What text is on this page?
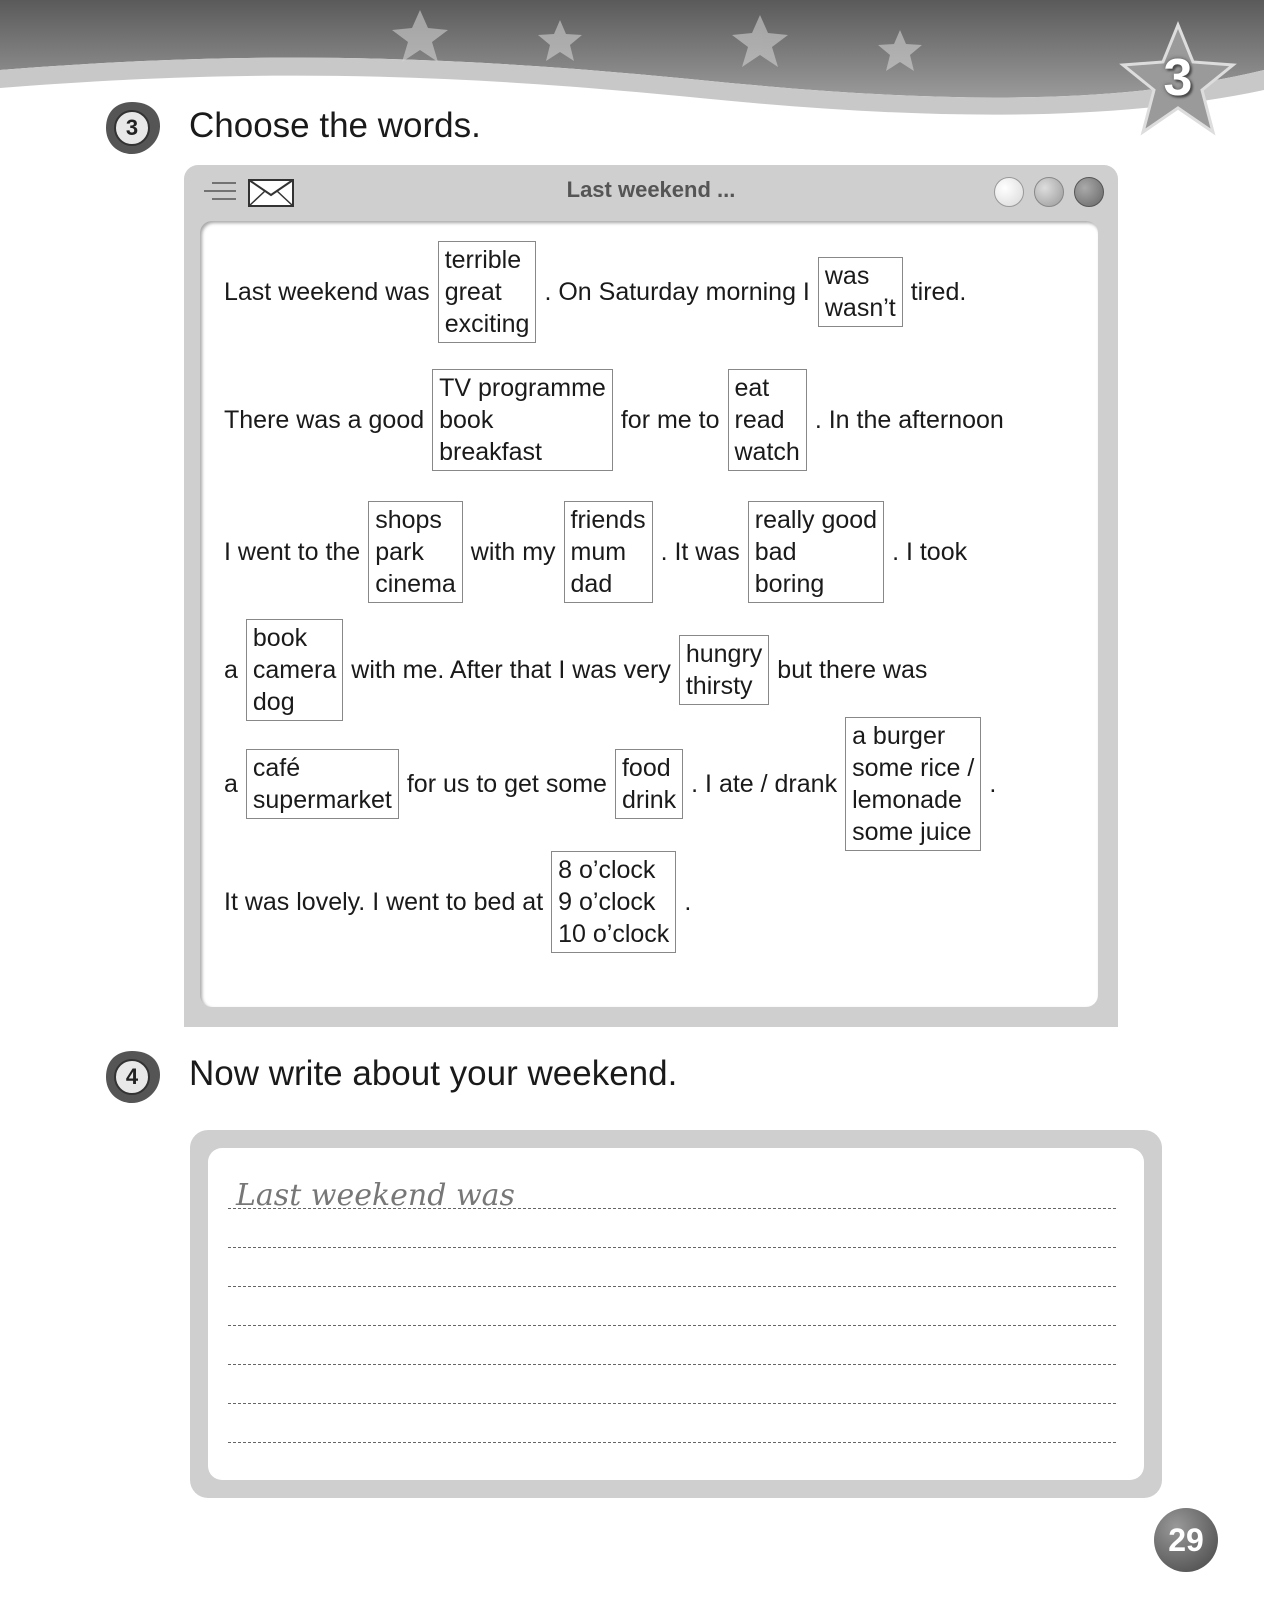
3
3	Choose the words.
Last weekend ...
Last weekend was
terrible
great
exciting
. On Saturday morning I
was
wasn’t
tired.
There was a good
TV programme
book
breakfast
for me to
eat
read
watch
. In the afternoon
I went to the
shops
park
cinema
with my
friends
mum
dad
. It was
really good
bad
boring
. I took
a
book
camera
dog
with me. After that I was very
hungry
thirsty
but there was
a
café
supermarket
for us to get some
food
drink
. I ate / drank
a burger
some rice /
lemonade
some juice
.
It was lovely. I went to bed at
8 o’clock
9 o’clock
10 o’clock
.
4	Now write about your weekend.
Last weekend was
29
